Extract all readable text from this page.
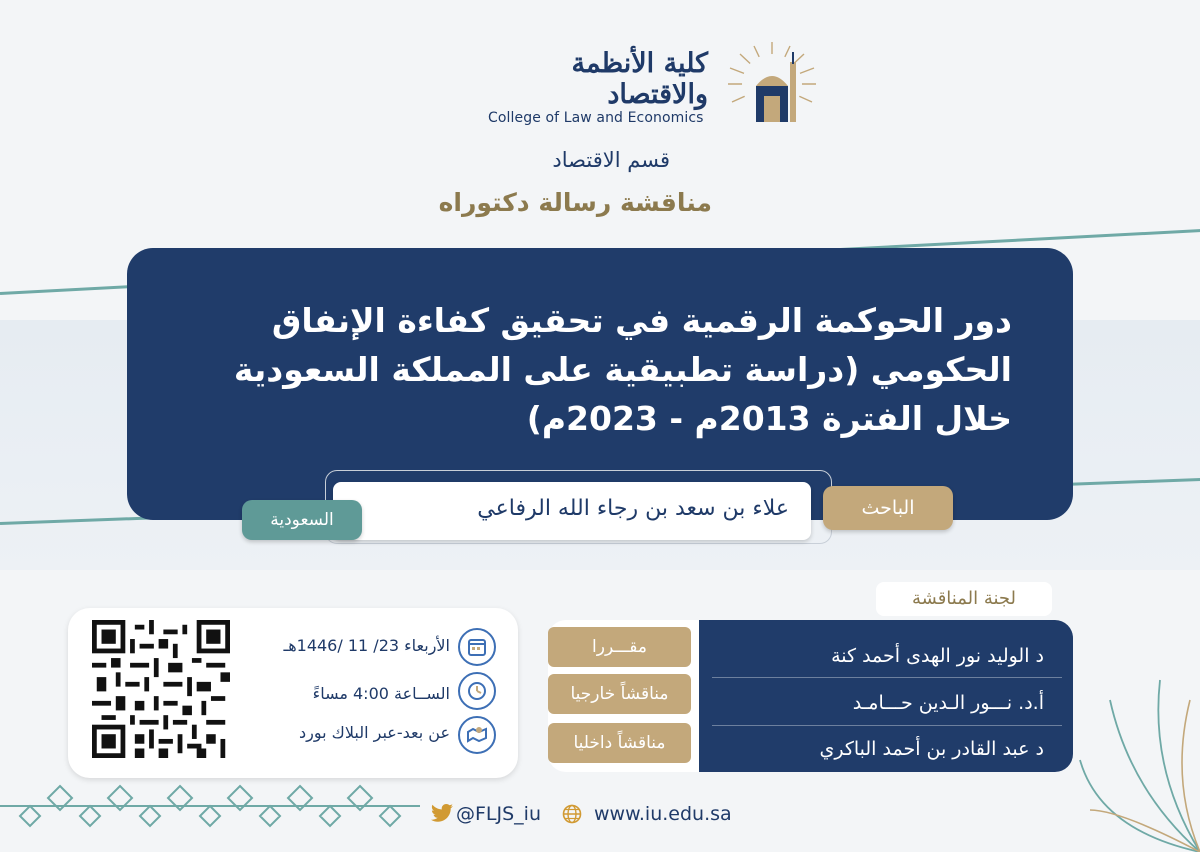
كلية الأنظمة والاقتصاد
College of Law and Economics
قسم الاقتصاد
مناقشة رسالة دكتوراه
دور الحوكمة الرقمية في تحقيق كفاءة الإنفاق الحكومي (دراسة تطبيقية على المملكة السعودية خلال الفترة 2013م - 2023م)
علاء بن سعد بن رجاء الله الرفاعي	الباحث
السعودية
لجنة المناقشة
د الوليد نور الهدى أحمد كنة
أ.د. نـــور الـدين حـــامـد
د عبد القادر بن أحمد الباكري
مقـــررا
مناقشاً خارجيا
مناقشاً داخليا
الأربعاء 23/ 11 /1446هـ
الســاعة 4:00 مساءً
عن بعد-عبر البلاك بورد
@FLJS_iu	www.iu.edu.sa
